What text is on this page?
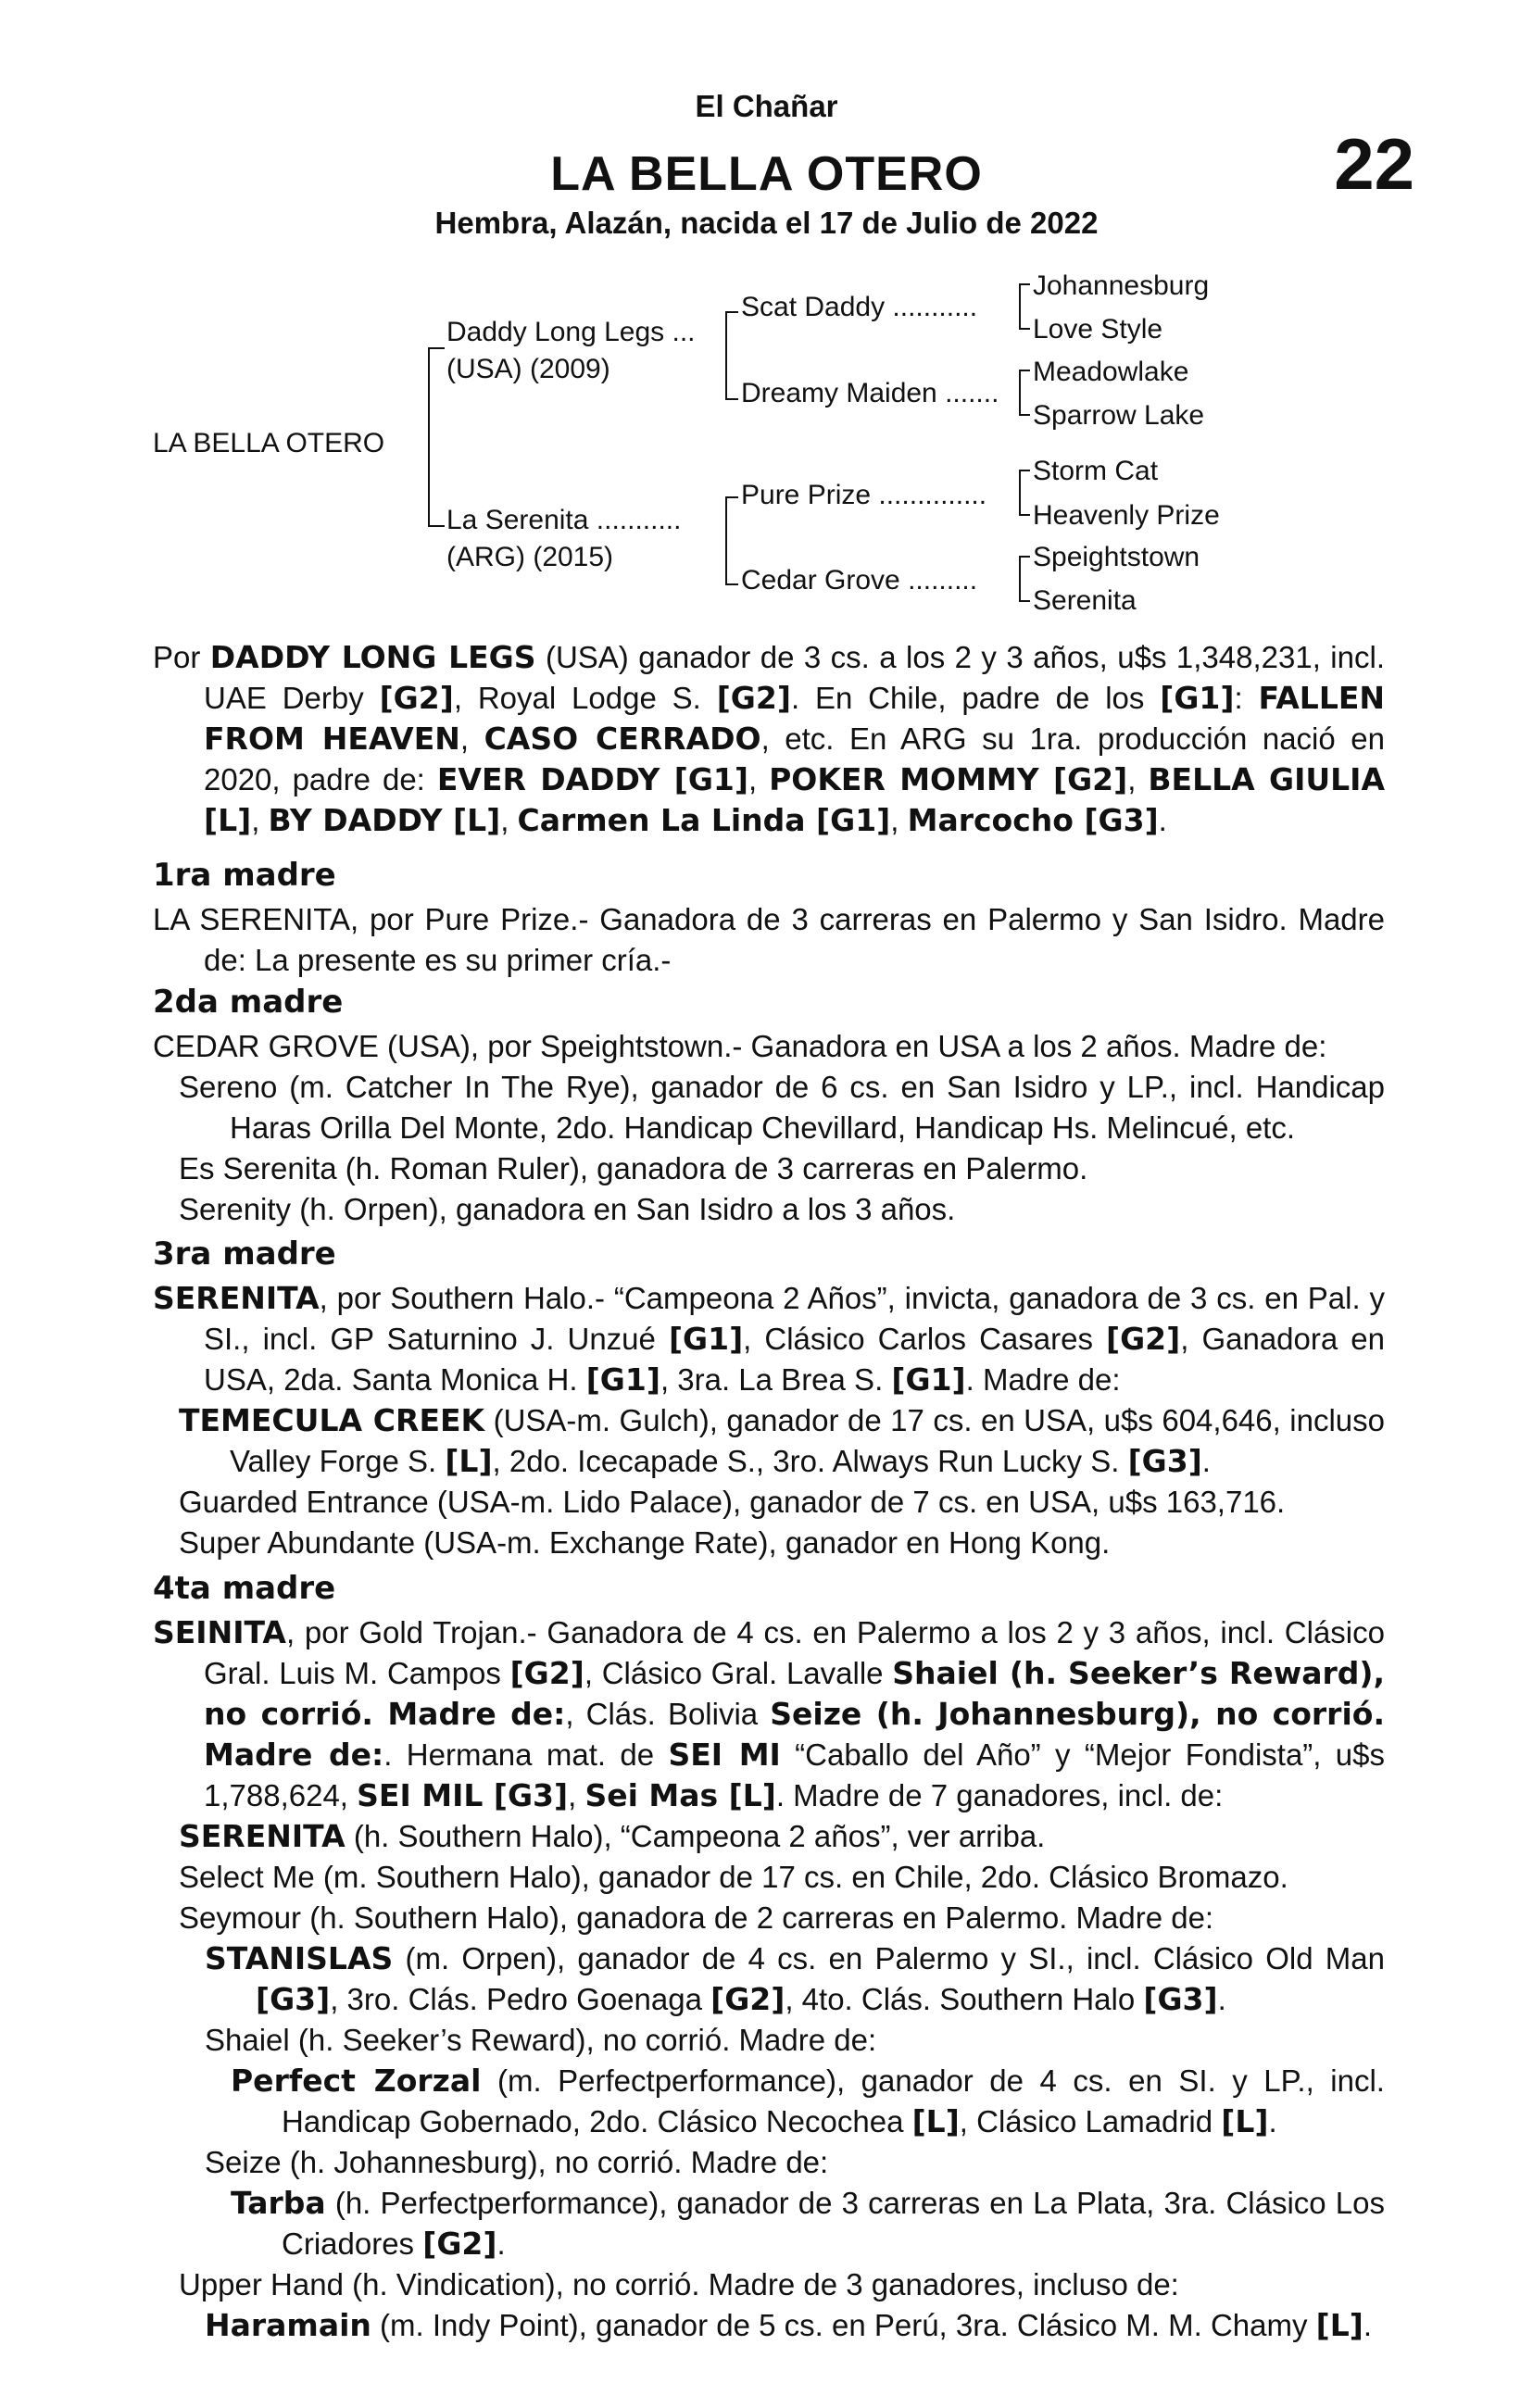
El Chañar
LA BELLA OTERO	22
Hembra, Alazán, nacida el 17 de Julio de 2022
LA BELLA OTERO
Daddy Long Legs ...
(USA) (2009)
La Serenita ...........
(ARG) (2015)
Scat Daddy ...........
Dreamy Maiden .......
Pure Prize ..............
Cedar Grove .........
Johannesburg
Love Style
Meadowlake
Sparrow Lake
Storm Cat
Heavenly Prize
Speightstown
Serenita

Por DADDY LONG LEGS (USA) ganador de 3 cs. a los 2 y 3 años, u$s 1,348,231, incl. UAE Derby [G2], Royal Lodge S. [G2]. En Chile, padre de los [G1]: FALLEN FROM HEAVEN, CASO CERRADO, etc. En ARG su 1ra. producción nació en 2020, padre de: EVER DADDY [G1], POKER MOMMY [G2], BELLA GIULIA [L], BY DADDY [L], Carmen La Linda [G1], Marcocho [G3].

1ra madre

LA SERENITA, por Pure Prize.- Ganadora de 3 carreras en Palermo y San Isidro. Madre de: La presente es su primer cría.-

2da madre

CEDAR GROVE (USA), por Speightstown.- Ganadora en USA a los 2 años. Madre de:

Sereno (m. Catcher In The Rye), ganador de 6 cs. en San Isidro y LP., incl. Handicap Haras Orilla Del Monte, 2do. Handicap Chevillard, Handicap Hs. Melincué, etc.

Es Serenita (h. Roman Ruler), ganadora de 3 carreras en Palermo.

Serenity (h. Orpen), ganadora en San Isidro a los 3 años.

3ra madre

SERENITA, por Southern Halo.- “Campeona 2 Años”, invicta, ganadora de 3 cs. en Pal. y SI., incl. GP Saturnino J. Unzué [G1], Clásico Carlos Casares [G2], Ganadora en USA, 2da. Santa Monica H. [G1], 3ra. La Brea S. [G1]. Madre de:

TEMECULA CREEK (USA-m. Gulch), ganador de 17 cs. en USA, u$s 604,646, incluso Valley Forge S. [L], 2do. Icecapade S., 3ro. Always Run Lucky S. [G3].

Guarded Entrance (USA-m. Lido Palace), ganador de 7 cs. en USA, u$s 163,716.

Super Abundante (USA-m. Exchange Rate), ganador en Hong Kong.

4ta madre

SEINITA, por Gold Trojan.- Ganadora de 4 cs. en Palermo a los 2 y 3 años, incl. Clásico Gral. Luis M. Campos [G2], Clásico Gral. Lavalle Shaiel (h. Seeker’s Reward), no corrió. Madre de:, Clás. Bolivia Seize (h. Johannesburg), no corrió. Madre de:. Hermana mat. de SEI MI “Caballo del Año” y “Mejor Fondista”, u$s 1,788,624, SEI MIL [G3], Sei Mas [L]. Madre de 7 ganadores, incl. de:

SERENITA (h. Southern Halo), “Campeona 2 años”, ver arriba.

Select Me (m. Southern Halo), ganador de 17 cs. en Chile, 2do. Clásico Bromazo.

Seymour (h. Southern Halo), ganadora de 2 carreras en Palermo. Madre de:

STANISLAS (m. Orpen), ganador de 4 cs. en Palermo y SI., incl. Clásico Old Man [G3], 3ro. Clás. Pedro Goenaga [G2], 4to. Clás. Southern Halo [G3].

Shaiel (h. Seeker’s Reward), no corrió. Madre de:

Perfect Zorzal (m. Perfectperformance), ganador de 4 cs. en SI. y LP., incl. Handicap Gobernado, 2do. Clásico Necochea [L], Clásico Lamadrid [L].

Seize (h. Johannesburg), no corrió. Madre de:

Tarba (h. Perfectperformance), ganador de 3 carreras en La Plata, 3ra. Clásico Los Criadores [G2].

Upper Hand (h. Vindication), no corrió. Madre de 3 ganadores, incluso de:

Haramain (m. Indy Point), ganador de 5 cs. en Perú, 3ra. Clásico M. M. Chamy [L].
